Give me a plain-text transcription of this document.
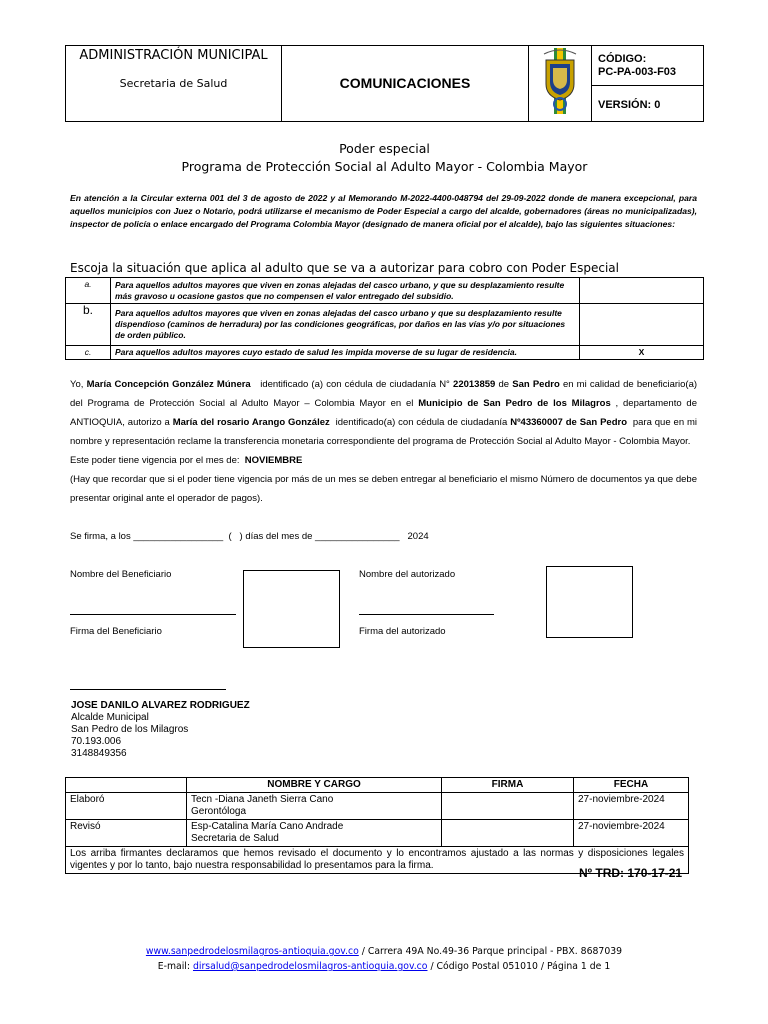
ADMINISTRACIÓN MUNICIPAL
Secretaria de Salud	COMUNICACIONES		
CÓDIGO:
PC-PA-003-F03

VERSIÓN: 0
Poder especial
Programa de Protección Social al Adulto Mayor - Colombia Mayor
En atención a la Circular externa 001 del 3 de agosto de 2022 y al Memorando M-2022-4400-048794 del 29-09-2022 donde de manera excepcional, para aquellos municipios con Juez o Notario, podrá utilizarse el mecanismo de Poder Especial a cargo del alcalde, gobernadores (áreas no municipalizadas), inspector de policía o enlace encargado del Programa Colombia Mayor (designado de manera oficial por el alcalde), bajo las siguientes situaciones:
Escoja la situación que aplica al adulto que se va a autorizar para cobro con Poder Especial
a.	Para aquellos adultos mayores que viven en zonas alejadas del casco urbano, y que su desplazamiento resulte más gravoso u ocasione gastos que no compensen el valor entregado del subsidio.	
b.	Para aquellos adultos mayores que viven en zonas alejadas del casco urbano y que su desplazamiento resulte dispendioso (caminos de herradura) por las condiciones geográficas, por daños en las vías y/o por situaciones de orden público.	
c.	Para aquellos adultos mayores cuyo estado de salud les impida moverse de su lugar de residencia.	X
Yo, María Concepción González Múnera identificado (a) con cédula de ciudadanía N° 22013859 de San Pedro en mi calidad de beneficiario(a) del Programa de Protección Social al Adulto Mayor – Colombia Mayor en el Municipio de San Pedro de los Milagros , departamento de ANTIOQUIA, autorizo a María del rosario Arango González identificado(a) con cédula de ciudadanía Nº43360007 de San Pedro para que en mi nombre y representación reclame la transferencia monetaria correspondiente del programa de Protección Social al Adulto Mayor - Colombia Mayor.
Este poder tiene vigencia por el mes de: NOVIEMBRE
(Hay que recordar que si el poder tiene vigencia por más de un mes se deben entregar al beneficiario el mismo Número de documentos ya que debe presentar original ante el operador de pagos).
Se firma, a los _________________  (   ) días del mes de ________________   2024
Nombre del Beneficiario
Firma del Beneficiario
Nombre del autorizado
Firma del autorizado
JOSE DANILO ALVAREZ RODRIGUEZ
Alcalde Municipal
San Pedro de los Milagros
70.193.006
3148849356
	NOMBRE Y CARGO	FIRMA	FECHA
Elaboró	Tecn -Diana Janeth Sierra Cano
Gerontóloga		27-noviembre-2024
Revisó	Esp-Catalina María Cano Andrade
Secretaria de Salud		27-noviembre-2024
Los arriba firmantes declaramos que hemos revisado el documento y lo encontramos ajustado a las normas y disposiciones legales vigentes y por lo tanto, bajo nuestra responsabilidad lo presentamos para la firma.			
Nº TRD: 170-17-21
www.sanpedrodelosmilagros-antioquia.gov.co / Carrera 49A No.49-36 Parque principal - PBX. 8687039
E-mail: dirsalud@sanpedrodelosmilagros-antioquia.gov.co / Código Postal 051010 / Página 1 de 1
